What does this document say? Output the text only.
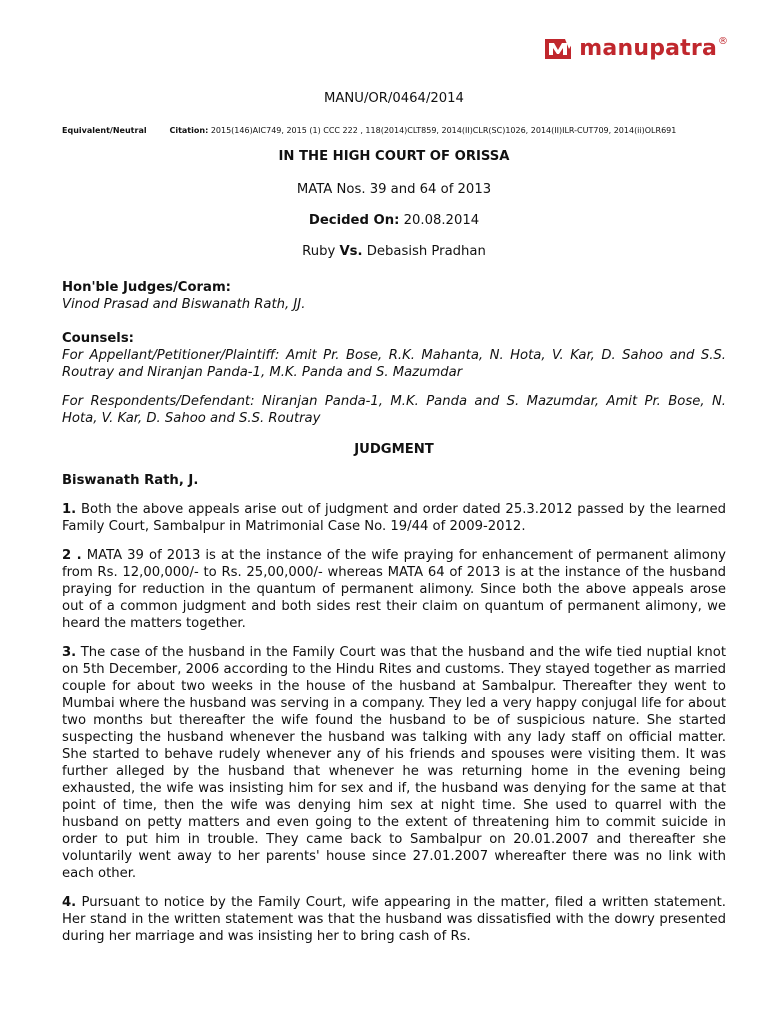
manupatra ®
MANU/OR/0464/2014
Equivalent/Neutral	Citation: 2015(146)AIC749, 2015 (1) CCC 222 , 118(2014)CLT859, 2014(II)CLR(SC)1026, 2014(II)ILR-CUT709, 2014(ii)OLR691
IN THE HIGH COURT OF ORISSA
MATA Nos. 39 and 64 of 2013
Decided On: 20.08.2014
Ruby Vs. Debasish Pradhan
Hon'ble Judges/Coram:
Vinod Prasad and Biswanath Rath, JJ.
Counsels:
For Appellant/Petitioner/Plaintiff: Amit Pr. Bose, R.K. Mahanta, N. Hota, V. Kar, D. Sahoo and S.S. Routray and Niranjan Panda-1, M.K. Panda and S. Mazumdar
For Respondents/Defendant: Niranjan Panda-1, M.K. Panda and S. Mazumdar, Amit Pr. Bose, N. Hota, V. Kar, D. Sahoo and S.S. Routray
JUDGMENT
Biswanath Rath, J.
1. Both the above appeals arise out of judgment and order dated 25.3.2012 passed by the learned Family Court, Sambalpur in Matrimonial Case No. 19/44 of 2009-2012.
2 . MATA 39 of 2013 is at the instance of the wife praying for enhancement of permanent alimony from Rs. 12,00,000/- to Rs. 25,00,000/- whereas MATA 64 of 2013 is at the instance of the husband praying for reduction in the quantum of permanent alimony. Since both the above appeals arose out of a common judgment and both sides rest their claim on quantum of permanent alimony, we heard the matters together.
3. The case of the husband in the Family Court was that the husband and the wife tied nuptial knot on 5th December, 2006 according to the Hindu Rites and customs. They stayed together as married couple for about two weeks in the house of the husband at Sambalpur. Thereafter they went to Mumbai where the husband was serving in a company. They led a very happy conjugal life for about two months but thereafter the wife found the husband to be of suspicious nature. She started suspecting the husband whenever the husband was talking with any lady staff on official matter. She started to behave rudely whenever any of his friends and spouses were visiting them. It was further alleged by the husband that whenever he was returning home in the evening being exhausted, the wife was insisting him for sex and if, the husband was denying for the same at that point of time, then the wife was denying him sex at night time. She used to quarrel with the husband on petty matters and even going to the extent of threatening him to commit suicide in order to put him in trouble. They came back to Sambalpur on 20.01.2007 and thereafter she voluntarily went away to her parents' house since 27.01.2007 whereafter there was no link with each other.
4. Pursuant to notice by the Family Court, wife appearing in the matter, filed a written statement. Her stand in the written statement was that the husband was dissatisfied with the dowry presented during her marriage and was insisting her to bring cash of Rs.
